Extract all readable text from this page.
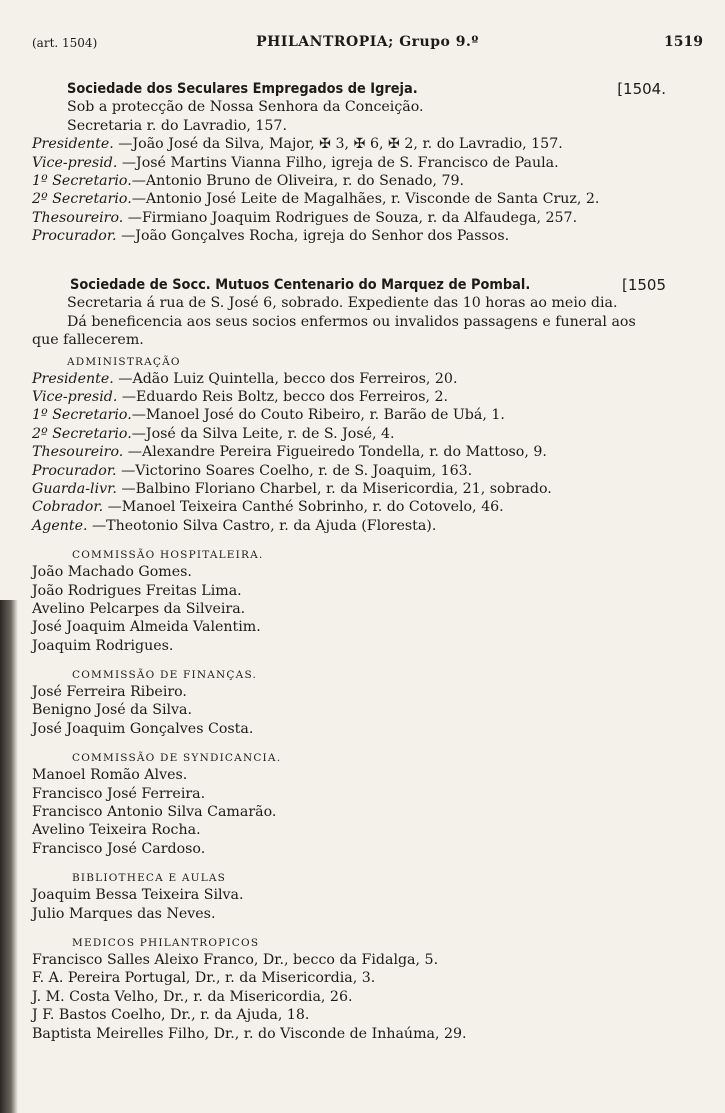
(art. 1504)	PHILANTROPIA; Grupo 9.º	1519
Sociedade dos Seculares Empregados de Igreja.	[1504.
Sob a protecção de Nossa Senhora da Conceição.
Secretaria r. do Lavradio, 157.
Presidente. —João José da Silva, Major, ✠ 3, ✠ 6, ✠ 2, r. do Lavradio, 157.
Vice-presid. —José Martins Vianna Filho, igreja de S. Francisco de Paula.
1º Secretario.—Antonio Bruno de Oliveira, r. do Senado, 79.
2º Secretario.—Antonio José Leite de Magalhães, r. Visconde de Santa Cruz, 2.
Thesoureiro. —Firmiano Joaquim Rodrigues de Souza, r. da Alfaudega, 257.
Procurador. —João Gonçalves Rocha, igreja do Senhor dos Passos.
Sociedade de Socc. Mutuos Centenario do Marquez de Pombal.	[1505
Secretaria á rua de S. José 6, sobrado. Expediente das 10 horas ao meio dia.
Dá beneficencia aos seus socios enfermos ou invalidos passagens e funeral aos que fallecerem.
ADMINISTRAÇÃO
Presidente. —Adão Luiz Quintella, becco dos Ferreiros, 20.
Vice-presid. —Eduardo Reis Boltz, becco dos Ferreiros, 2.
1º Secretario.—Manoel José do Couto Ribeiro, r. Barão de Ubá, 1.
2º Secretario.—José da Silva Leite, r. de S. José, 4.
Thesoureiro. —Alexandre Pereira Figueiredo Tondella, r. do Mattoso, 9.
Procurador. —Victorino Soares Coelho, r. de S. Joaquim, 163.
Guarda-livr. —Balbino Floriano Charbel, r. da Misericordia, 21, sobrado.
Cobrador. —Manoel Teixeira Canthé Sobrinho, r. do Cotovelo, 46.
Agente. —Theotonio Silva Castro, r. da Ajuda (Floresta).
COMMISSÃO HOSPITALEIRA.
João Machado Gomes.
João Rodrigues Freitas Lima.
Avelino Pelcarpes da Silveira.
José Joaquim Almeida Valentim.
Joaquim Rodrigues.
COMMISSÃO DE FINANÇAS.
José Ferreira Ribeiro.
Benigno José da Silva.
José Joaquim Gonçalves Costa.
COMMISSÃO DE SYNDICANCIA.
Manoel Romão Alves.
Francisco José Ferreira.
Francisco Antonio Silva Camarão.
Avelino Teixeira Rocha.
Francisco José Cardoso.
BIBLIOTHECA E AULAS
Joaquim Bessa Teixeira Silva.
Julio Marques das Neves.
MEDICOS PHILANTROPICOS
Francisco Salles Aleixo Franco, Dr., becco da Fidalga, 5.
F. A. Pereira Portugal, Dr., r. da Misericordia, 3.
J. M. Costa Velho, Dr., r. da Misericordia, 26.
J F. Bastos Coelho, Dr., r. da Ajuda, 18.
Baptista Meirelles Filho, Dr., r. do Visconde de Inhaúma, 29.
